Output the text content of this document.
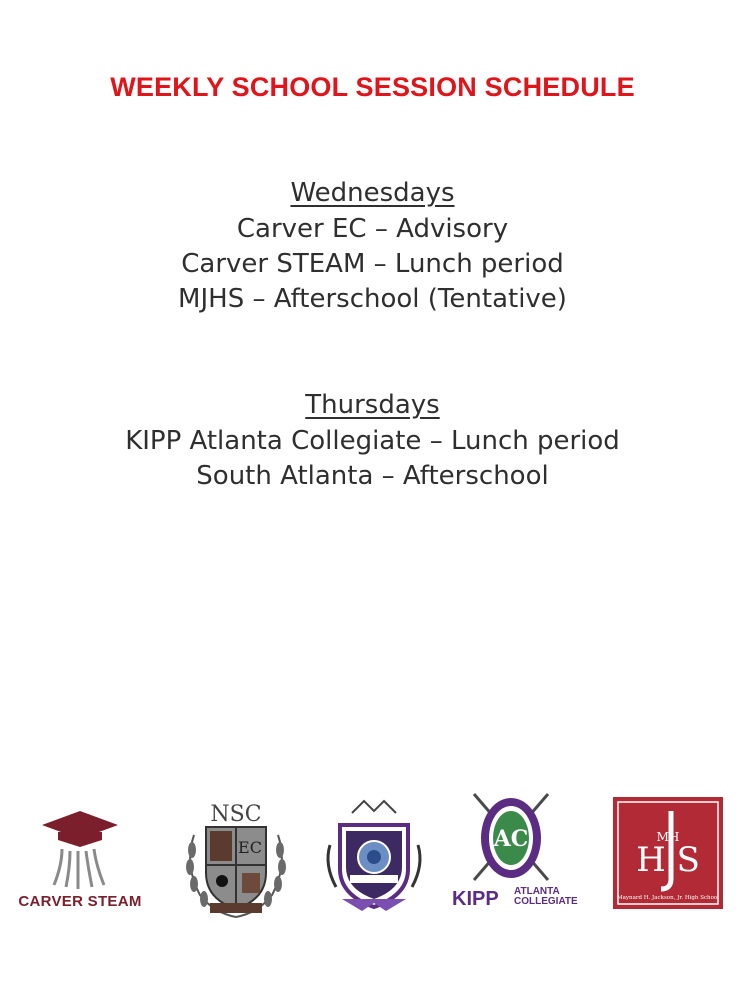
WEEKLY SCHOOL SESSION SCHEDULE
Wednesdays
Carver EC – Advisory
Carver STEAM – Lunch period
MJHS – Afterschool (Tentative)
Thursdays
KIPP Atlanta Collegiate – Lunch period
South Atlanta – Afterschool
CARVER STEAM
NSC
EC	AC
KIPP ATLANTA
COLLEGIATE
MH
H S
Maynard H. Jackson, Jr. High School
